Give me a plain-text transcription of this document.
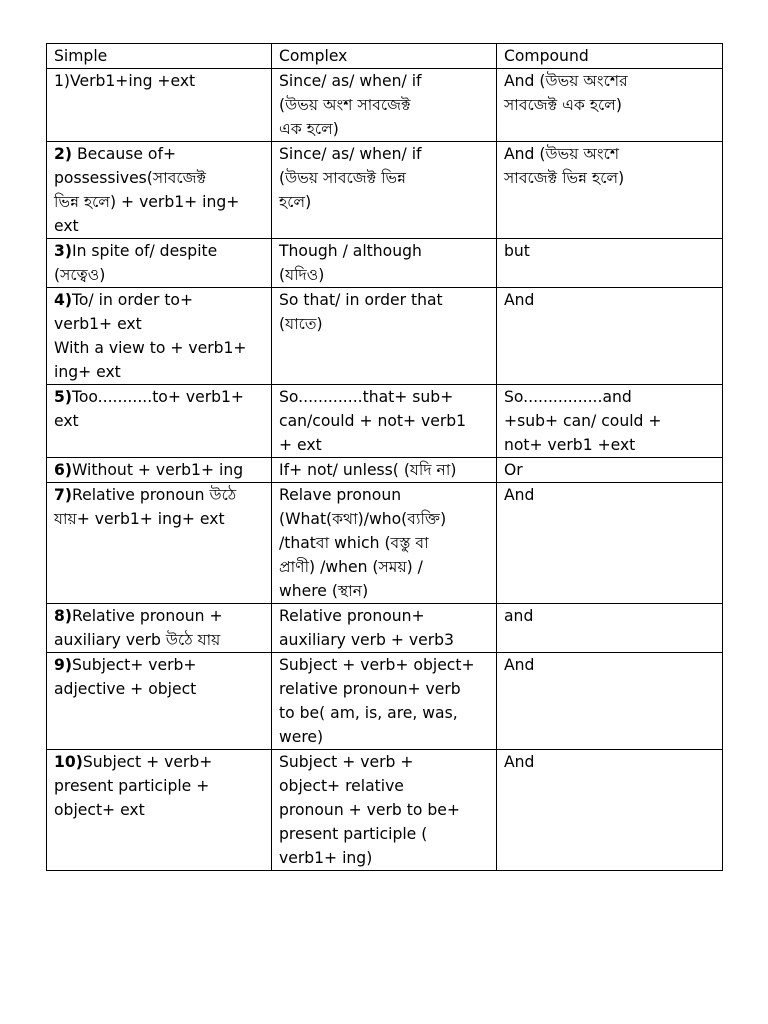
Simple	Complex	Compound

1)Verb1+ing +ext	Since/ as/ when/ if
(উভয় অংশ সাবজেক্ট
এক হলে)	And (উভয় অংশের
সাবজেক্ট এক হলে)

2) Because of+
possessives(সাবজেক্ট
ভিন্ন হলে) + verb1+ ing+
ext	Since/ as/ when/ if
(উভয় সাবজেক্ট ভিন্ন
হলে)	And (উভয় অংশে
সাবজেক্ট ভিন্ন হলে)

3)In spite of/ despite
(সত্বেও)	Though / although
(যদিও)	but

4)To/ in order to+
verb1+ ext
With a view to + verb1+
ing+ ext	So that/ in order that
(যাতে)	And

5)Too...........to+ verb1+
ext	So.............that+ sub+
can/could + not+ verb1
+ ext	So................and
+sub+ can/ could +
not+ verb1 +ext

6)Without + verb1+ ing	If+ not/ unless( (যদি না)	Or

7)Relative pronoun উঠে
যায়+ verb1+ ing+ ext	Relave pronoun
(What(কথা)/who(ব্যক্তি)
/thatবা which (বস্তু বা
প্রাণী) /when (সময়) /
where (স্থান)	And

8)Relative pronoun +
auxiliary verb উঠে যায়	Relative pronoun+
auxiliary verb + verb3	and

9)Subject+ verb+
adjective + object	Subject + verb+ object+
relative pronoun+ verb
to be( am, is, are, was,
were)	And

10)Subject + verb+
present participle +
object+ ext	Subject + verb +
object+ relative
pronoun + verb to be+
present participle (
verb1+ ing)	And
